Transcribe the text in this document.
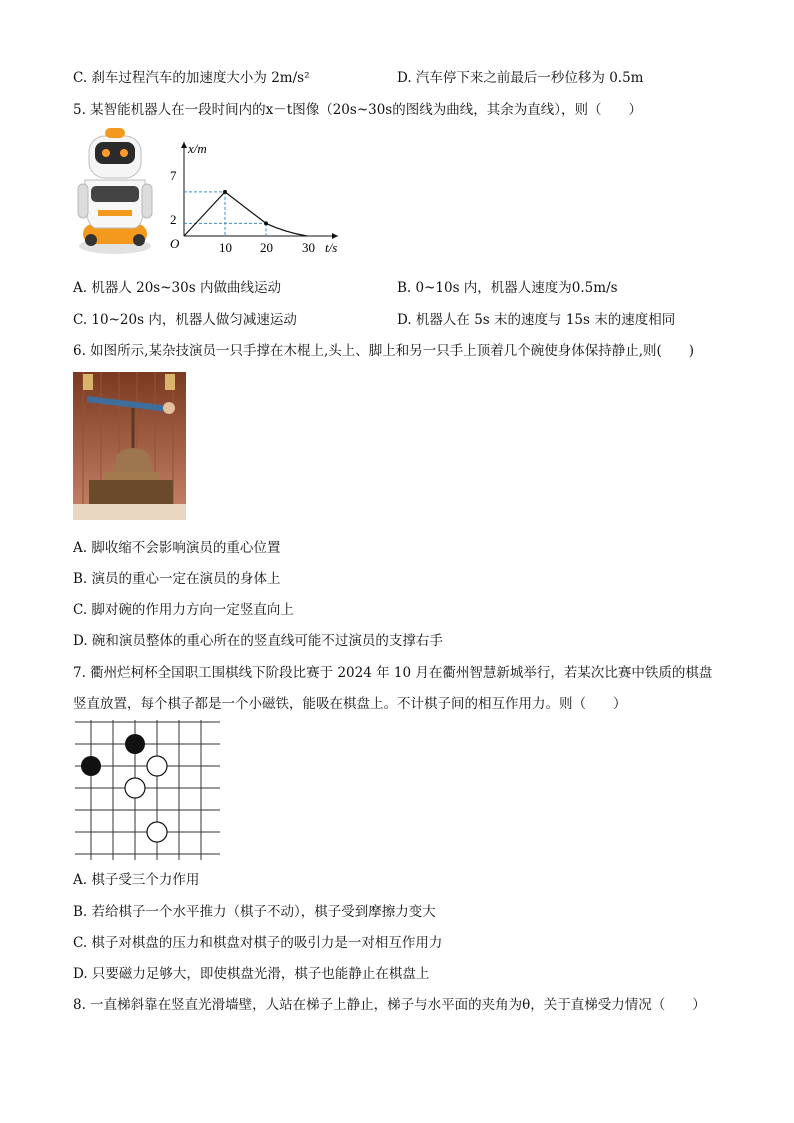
C. 刹车过程汽车的加速度大小为 2m/s²	D. 汽车停下来之前最后一秒位移为 0.5m
5. 某智能机器人在一段时间内的x－t图像（20s~30s的图线为曲线，其余为直线），则（　　）
x/m
t/s
O	10 20 30
7
2
A. 机器人 20s~30s 内做曲线运动	B. 0~10s 内，机器人速度为0.5m/s
C. 10~20s 内，机器人做匀减速运动	D. 机器人在 5s 末的速度与 15s 末的速度相同
6. 如图所示,某杂技演员一只手撑在木棍上,头上、脚上和另一只手上顶着几个碗使身体保持静止,则(　　)
A. 脚收缩不会影响演员的重心位置
B. 演员的重心一定在演员的身体上
C. 脚对碗的作用力方向一定竖直向上
D. 碗和演员整体的重心所在的竖直线可能不过演员的支撑右手
7. 衢州烂柯杯全国职工围棋线下阶段比赛于 2024 年 10 月在衢州智慧新城举行，若某次比赛中铁质的棋盘
竖直放置，每个棋子都是一个小磁铁，能吸在棋盘上。不计棋子间的相互作用力。则（　　）
A. 棋子受三个力作用
B. 若给棋子一个水平推力（棋子不动），棋子受到摩擦力变大
C. 棋子对棋盘的压力和棋盘对棋子的吸引力是一对相互作用力
D. 只要磁力足够大，即使棋盘光滑，棋子也能静止在棋盘上
8. 一直梯斜靠在竖直光滑墙壁，人站在梯子上静止，梯子与水平面的夹角为θ，关于直梯受力情况（　　）
